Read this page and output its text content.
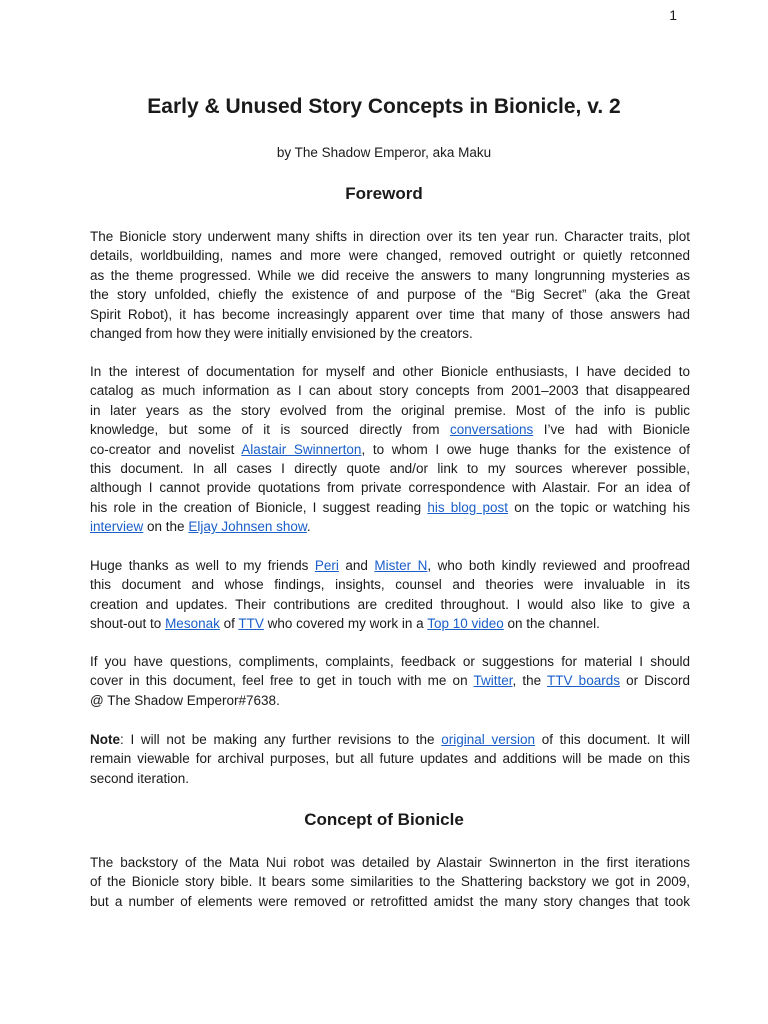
1
Early & Unused Story Concepts in Bionicle, v. 2
by The Shadow Emperor, aka Maku
Foreword

The Bionicle story underwent many shifts in direction over its ten year run. Character traits, plot
details, worldbuilding, names and more were changed, removed outright or quietly retconned
as the theme progressed. While we did receive the answers to many longrunning mysteries as
the story unfolded, chiefly the existence of and purpose of the “Big Secret” (aka the Great
Spirit Robot), it has become increasingly apparent over time that many of those answers had
changed from how they were initially envisioned by the creators.

In the interest of documentation for myself and other Bionicle enthusiasts, I have decided to
catalog as much information as I can about story concepts from 2001–2003 that disappeared
in later years as the story evolved from the original premise. Most of the info is public
knowledge, but some of it is sourced directly from conversations I’ve had with Bionicle
co-creator and novelist Alastair Swinnerton, to whom I owe huge thanks for the existence of
this document. In all cases I directly quote and/or link to my sources wherever possible,
although I cannot provide quotations from private correspondence with Alastair. For an idea of
his role in the creation of Bionicle, I suggest reading his blog post on the topic or watching his
interview on the Eljay Johnsen show.

Huge thanks as well to my friends Peri and Mister N, who both kindly reviewed and proofread
this document and whose findings, insights, counsel and theories were invaluable in its
creation and updates. Their contributions are credited throughout. I would also like to give a
shout-out to Mesonak of TTV who covered my work in a Top 10 video on the channel.

If you have questions, compliments, complaints, feedback or suggestions for material I should
cover in this document, feel free to get in touch with me on Twitter, the TTV boards or Discord
@ The Shadow Emperor#7638.

Note: I will not be making any further revisions to the original version of this document. It will
remain viewable for archival purposes, but all future updates and additions will be made on this
second iteration.

Concept of Bionicle

The backstory of the Mata Nui robot was detailed by Alastair Swinnerton in the first iterations
of the Bionicle story bible. It bears some similarities to the Shattering backstory we got in 2009,
but a number of elements were removed or retrofitted amidst the many story changes that took
